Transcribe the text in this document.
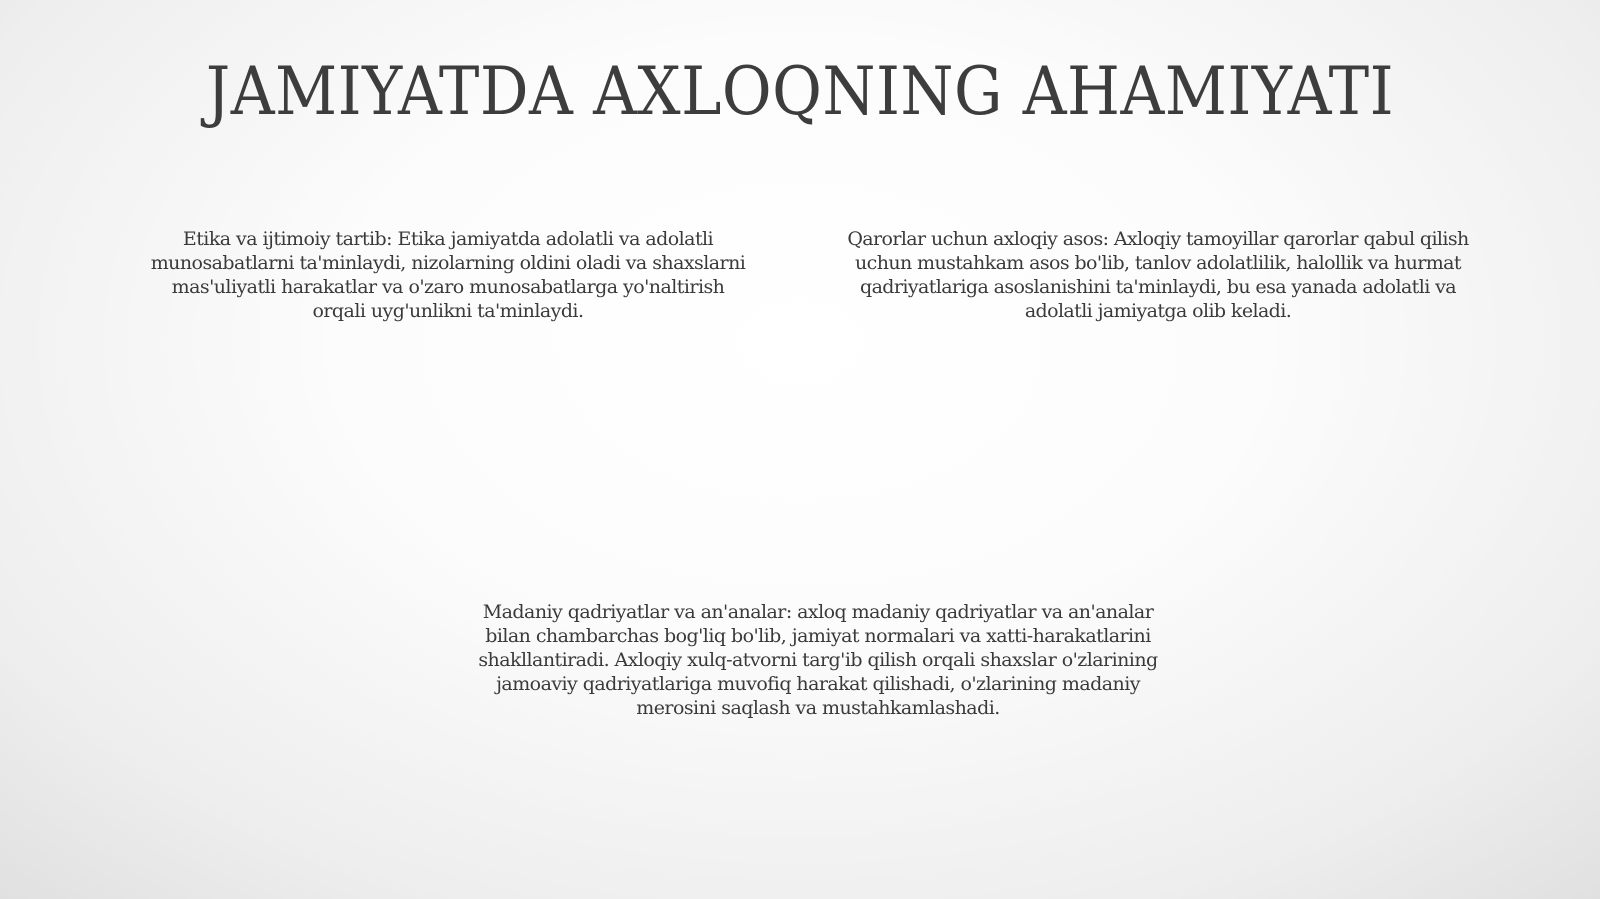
JAMIYATDA AXLOQNING AHAMIYATI

Etika va ijtimoiy tartib: Etika jamiyatda adolatli va adolatli munosabatlarni ta'minlaydi, nizolarning oldini oladi va shaxslarni mas'uliyatli harakatlar va o'zaro munosabatlarga yo'naltirish orqali uyg'unlikni ta'minlaydi.

Qarorlar uchun axloqiy asos: Axloqiy tamoyillar qarorlar qabul qilish uchun mustahkam asos bo'lib, tanlov adolatlilik, halollik va hurmat qadriyatlariga asoslanishini ta'minlaydi, bu esa yanada adolatli va adolatli jamiyatga olib keladi.

Madaniy qadriyatlar va an'analar: axloq madaniy qadriyatlar va an'analar bilan chambarchas bog'liq bo'lib, jamiyat normalari va xatti-harakatlarini shakllantiradi. Axloqiy xulq-atvorni targ'ib qilish orqali shaxslar o'zlarining jamoaviy qadriyatlariga muvofiq harakat qilishadi, o'zlarining madaniy merosini saqlash va mustahkamlashadi.
